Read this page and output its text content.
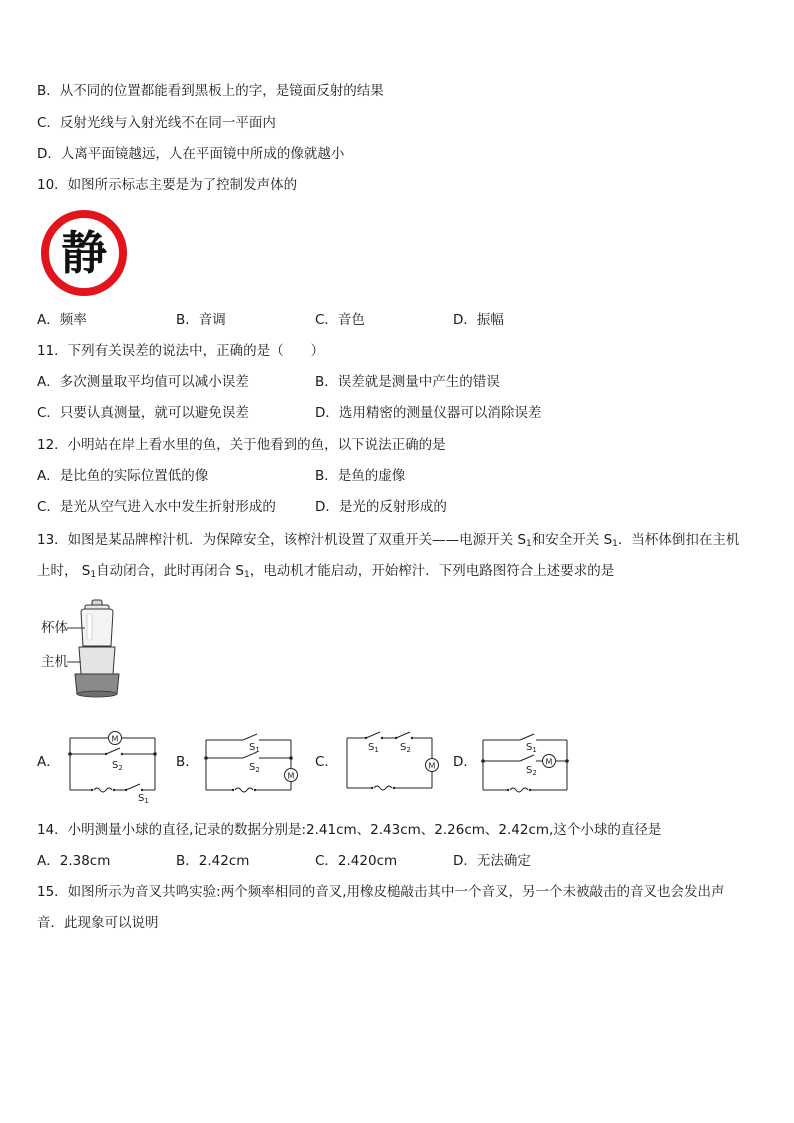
B．从不同的位置都能看到黑板上的字，是镜面反射的结果
C．反射光线与入射光线不在同一平面内
D．人离平面镜越远，人在平面镜中所成的像就越小
10．如图所示标志主要是为了控制发声体的
静
A．频率	B．音调	C．音色	D．振幅
11．下列有关误差的说法中，正确的是（　　）
A．多次测量取平均值可以减小误差	B．误差就是测量中产生的错误
C．只要认真测量，就可以避免误差	D．选用精密的测量仪器可以消除误差
12．小明站在岸上看水里的鱼，关于他看到的鱼，以下说法正确的是
A．是比鱼的实际位置低的像	B．是鱼的虚像
C．是光从空气进入水中发生折射形成的	D．是光的反射形成的
13．如图是某品牌榨汁机．为保障安全，该榨汁机设置了双重开关——电源开关 $S_1$和安全开关 $S_1$．当杯体倒扣在主机
上时， $S_1$自动闭合，此时再闭合 $S_1$，电动机才能启动，开始榨汁．下列电路图符合上述要求的是
杯体
主机
A．	B．	C．	D．
M
$S_2$
$S_1$
M
$S_1$
$S_2$	M
$S_1$ $S_2$
M
$S_1$
$S_2$
14．小明测量小球的直径,记录的数据分别是:2.41cm、2.43cm、2.26cm、2.42cm,这个小球的直径是
A．2.38cm	B．2.42cm	C．2.420cm	D．无法确定
15．如图所示为音叉共鸣实验:两个频率相同的音叉,用橡皮槌敲击其中一个音叉，另一个未被敲击的音叉也会发出声
音．此现象可以说明
